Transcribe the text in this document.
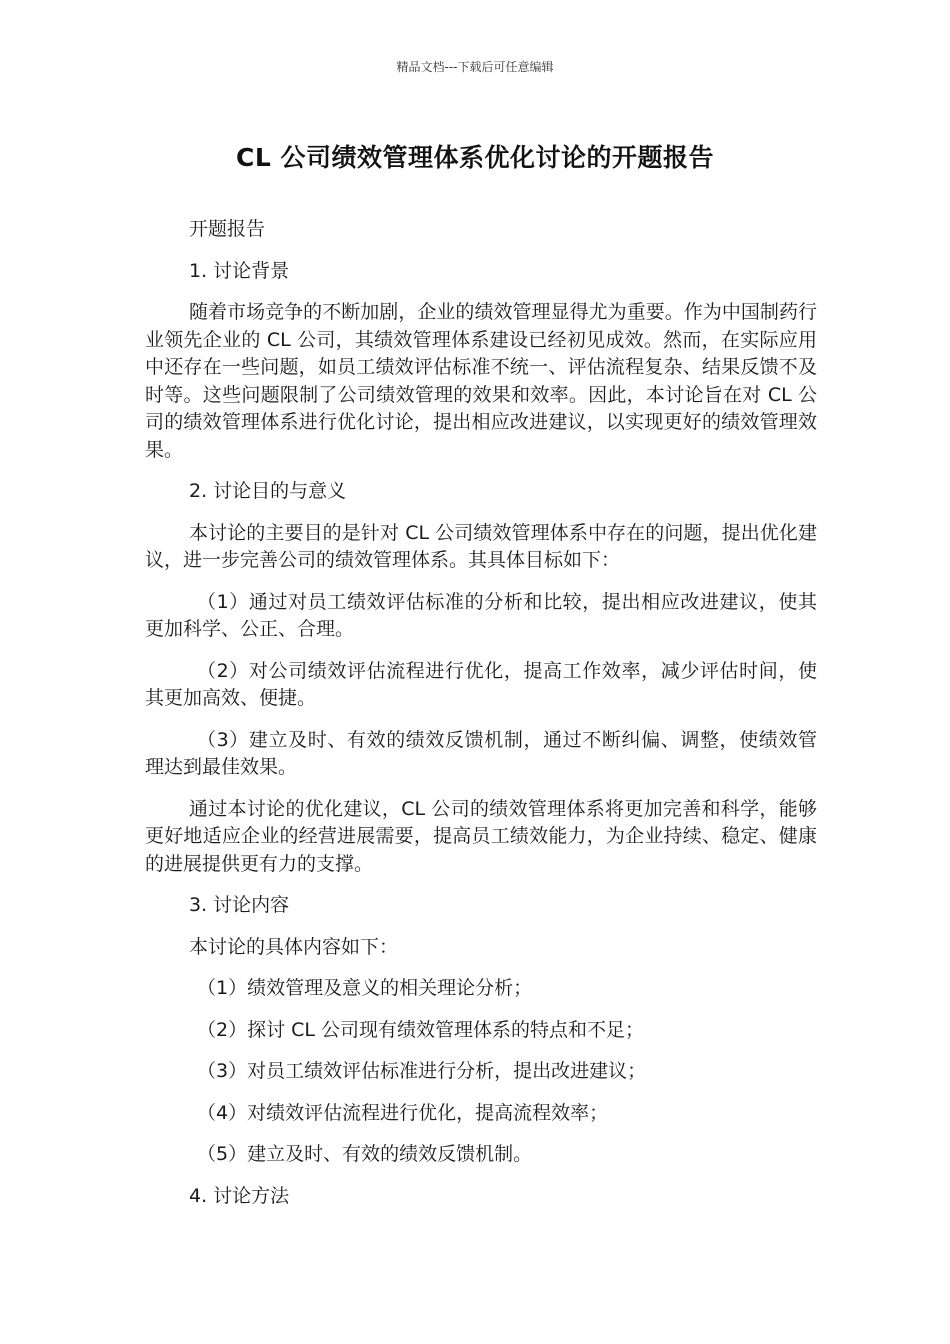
精品文档---下载后可任意编辑
CL 公司绩效管理体系优化讨论的开题报告

开题报告

1. 讨论背景

随着市场竞争的不断加剧，企业的绩效管理显得尤为重要。作为中国制药行业领先企业的 CL 公司，其绩效管理体系建设已经初见成效。然而，在实际应用中还存在一些问题，如员工绩效评估标准不统一、评估流程复杂、结果反馈不及时等。这些问题限制了公司绩效管理的效果和效率。因此，本讨论旨在对 CL 公司的绩效管理体系进行优化讨论，提出相应改进建议，以实现更好的绩效管理效果。

2. 讨论目的与意义

本讨论的主要目的是针对 CL 公司绩效管理体系中存在的问题，提出优化建议，进一步完善公司的绩效管理体系。其具体目标如下：

（1）通过对员工绩效评估标准的分析和比较，提出相应改进建议，使其更加科学、公正、合理。

（2）对公司绩效评估流程进行优化，提高工作效率，减少评估时间，使其更加高效、便捷。

（3）建立及时、有效的绩效反馈机制，通过不断纠偏、调整，使绩效管理达到最佳效果。

通过本讨论的优化建议，CL 公司的绩效管理体系将更加完善和科学，能够更好地适应企业的经营进展需要，提高员工绩效能力，为企业持续、稳定、健康的进展提供更有力的支撑。

3. 讨论内容

本讨论的具体内容如下：

（1）绩效管理及意义的相关理论分析；

（2）探讨 CL 公司现有绩效管理体系的特点和不足；

（3）对员工绩效评估标准进行分析，提出改进建议；

（4）对绩效评估流程进行优化，提高流程效率；

（5）建立及时、有效的绩效反馈机制。

4. 讨论方法
